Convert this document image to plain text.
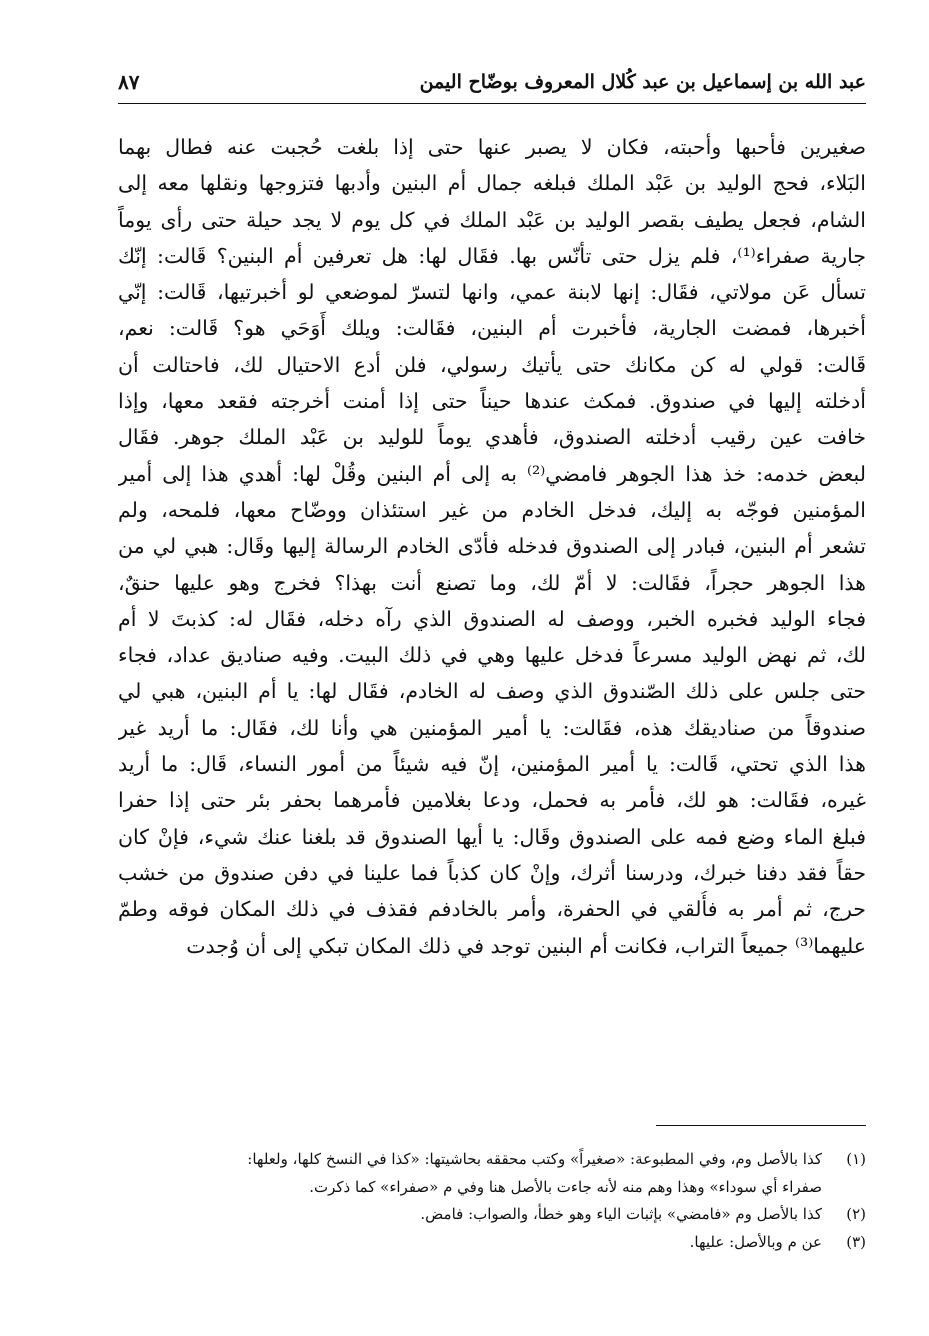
عبد الله بن إسماعيل بن عبد كُلال المعروف بوضّاح اليمن
٨٧
صغيرين فأحبها وأحبته، فكان لا يصبر عنها حتى إذا بلغت حُجبت عنه فطال بهما
البَلاء، فحج الوليد بن عَبْد الملك فبلغه جمال أم البنين وأدبها فتزوجها ونقلها معه إلى
الشام، فجعل يطيف بقصر الوليد بن عَبْد الملك في كل يوم لا يجد حيلة حتى رأى يوماً
جارية صفراء⁽¹⁾، فلم يزل حتى تأنّس بها. فقَال لها: هل تعرفين أم البنين؟ قَالت: إنّك
تسأل عَن مولاتي، فقَال: إنها لابنة عمي، وانها لتسرّ لموضعي لو أخبرتيها، قَالت: إنّي
أخبرها، فمضت الجارية، فأخبرت أم البنين، فقَالت: ويلك أَوَحَي هو؟ قَالت: نعم،
قَالت: قولي له كن مكانك حتى يأتيك رسولي، فلن أدع الاحتيال لك، فاحتالت أن
أدخلته إليها في صندوق. فمكث عندها حيناً حتى إذا أمنت أخرجته فقعد معها، وإذا
خافت عين رقيب أدخلته الصندوق، فأهدي يوماً للوليد بن عَبْد الملك جوهر. فقَال
لبعض خدمه: خذ هذا الجوهر فامضي⁽²⁾ به إلى أم البنين وقُلْ لها: أهدي هذا إلى أمير
المؤمنين فوجّه به إليك، فدخل الخادم من غير استئذان ووضّاح معها، فلمحه، ولم
تشعر أم البنين، فبادر إلى الصندوق فدخله فأدّى الخادم الرسالة إليها وقَال: هبي لي من
هذا الجوهر حجراً، فقَالت: لا أمّ لك، وما تصنع أنت بهذا؟ فخرج وهو عليها حنقٌ،
فجاء الوليد فخبره الخبر، ووصف له الصندوق الذي رآه دخله، فقَال له: كذبتَ لا أم
لك، ثم نهض الوليد مسرعاً فدخل عليها وهي في ذلك البيت. وفيه صناديق عداد، فجاء
حتى جلس على ذلك الصّندوق الذي وصف له الخادم، فقَال لها: يا أم البنين، هبي لي
صندوقاً من صناديقك هذه، فقَالت: يا أمير المؤمنين هي وأنا لك، فقَال: ما أريد غير
هذا الذي تحتي، قَالت: يا أمير المؤمنين، إنّ فيه شيئاً من أمور النساء، قَال: ما أريد
غيره، فقَالت: هو لك، فأمر به فحمل، ودعا بغلامين فأمرهما بحفر بئر حتى إذا حفرا
فبلغ الماء وضع فمه على الصندوق وقَال: يا أيها الصندوق قد بلغنا عنك شيء، فإنْ كان
حقاً فقد دفنا خبرك، ودرسنا أثرك، وإنْ كان كذباً فما علينا في دفن صندوق من خشب
حرج، ثم أمر به فأُلقي في الحفرة، وأمر بالخادفم فقذف في ذلك المكان فوقه وطمّ
عليهما⁽³⁾ جميعاً التراب، فكانت أم البنين توجد في ذلك المكان تبكي إلى أن وُجدت
(١)
كذا بالأصل وم، وفي المطبوعة: «صغيراً» وكتب محققه بحاشيتها: «كذا في النسخ كلها، ولعلها:
صفراء أي سوداء» وهذا وهم منه لأنه جاءت بالأصل هنا وفي م «صفراء» كما ذكرت.
(٢)
كذا بالأصل وم «فامضي» بإثبات الياء وهو خطأ، والصواب: فامض.
(٣)
عن م وبالأصل: عليها.
